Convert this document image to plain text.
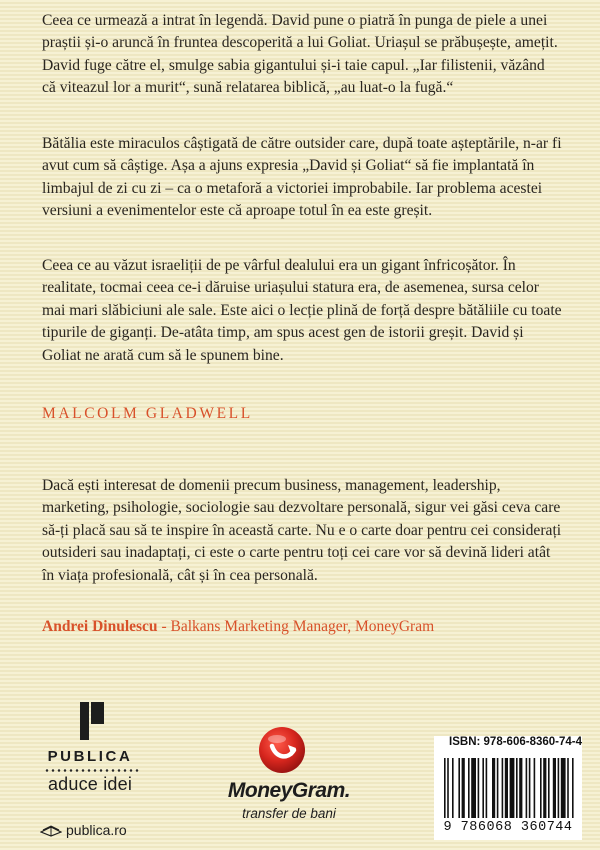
Ceea ce urmează a intrat în legendă. David pune o piatră în punga de piele a unei praștii și-o aruncă în fruntea descoperită a lui Goliat. Uriașul se prăbușește, amețit. David fuge către el, smulge sabia gigantului și-i taie capul. „Iar filistenii, văzând că viteazul lor a murit“, sună relatarea biblică, „au luat-o la fugă.“

Bătălia este miraculos câștigată de către outsider care, după toate așteptările, n-ar fi avut cum să câștige. Așa a ajuns expresia „David și Goliat“ să fie implantată în limbajul de zi cu zi – ca o metaforă a victoriei improbabile. Iar problema acestei versiuni a evenimentelor este că aproape totul în ea este greșit.

Ceea ce au văzut israeliții de pe vârful dealului era un gigant înfricoșător. În realitate, tocmai ceea ce-i dăruise uriașului statura era, de asemenea, sursa celor mai mari slăbiciuni ale sale. Este aici o lecție plină de forță despre bătăliile cu toate tipurile de giganți. De-atâta timp, am spus acest gen de istorii greșit. David și Goliat ne arată cum să le spunem bine.

MALCOLM GLADWELL

Dacă ești interesat de domenii precum business, management, leadership, marketing, psihologie, sociologie sau dezvoltare personală, sigur vei găsi ceva care să-ți placă sau să te inspire în această carte. Nu e o carte doar pentru cei considerați outsideri sau inadaptați, ci este o carte pentru toți cei care vor să devină lideri atât în viața profesională, cât și în cea personală.

Andrei Dinulescu - Balkans Marketing Manager, MoneyGram
PUBLICA
aduce idei
publica.ro
MoneyGram.
transfer de bani
ISBN: 978-606-8360-74-4
9 786068 360744
